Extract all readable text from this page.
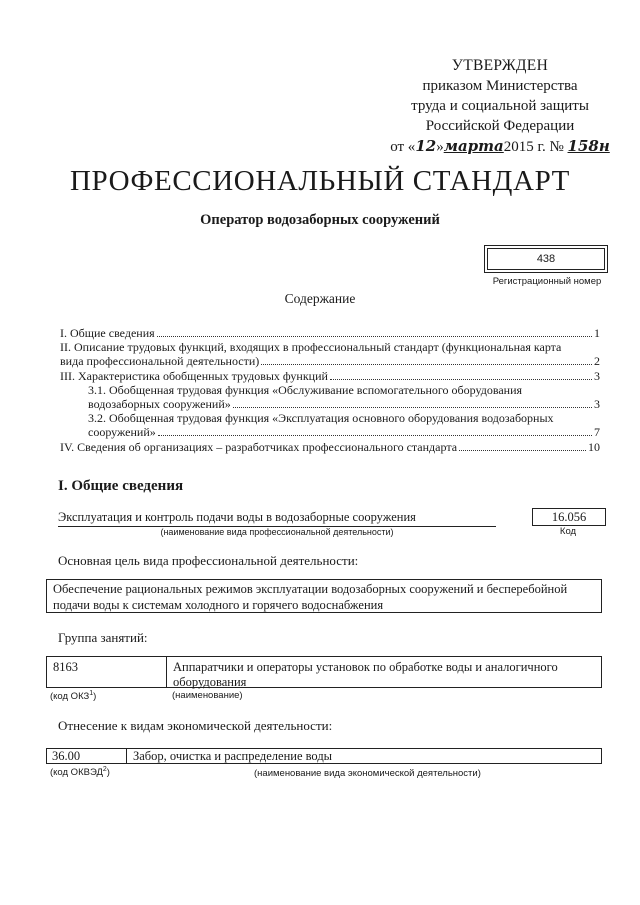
УТВЕРЖДЕН
приказом Министерства
труда и социальной защиты
Российской Федерации
от «12»марта2015 г. № 158н
ПРОФЕССИОНАЛЬНЫЙ СТАНДАРТ
Оператор водозаборных сооружений
438
Регистрационный номер
Содержание
I. Общие сведения	1
II. Описание трудовых функций, входящих в профессиональный стандарт (функциональная карта
вида профессиональной деятельности)	2
III. Характеристика обобщенных трудовых функций	3
3.1. Обобщенная трудовая функция «Обслуживание вспомогательного оборудования
водозаборных сооружений»	3
3.2. Обобщенная трудовая функция «Эксплуатация основного оборудования водозаборных
сооружений»	7
IV. Сведения об организациях – разработчиках профессионального стандарта	10
I. Общие сведения
Эксплуатация и контроль подачи воды в водозаборные сооружения
(наименование вида профессиональной деятельности)
16.056
Код
Основная цель вида профессиональной деятельности:
Обеспечение рациональных режимов эксплуатации водозаборных сооружений и бесперебойной подачи воды к системам холодного и горячего водоснабжения
Группа занятий:
8163	Аппаратчики и операторы установок по обработке воды и аналогичного оборудования
(код ОКЗ$^1$)	(наименование)
Отнесение к видам экономической деятельности:
36.00	Забор, очистка и распределение воды
(код ОКВЭД$^2$)	(наименование вида экономической деятельности)
